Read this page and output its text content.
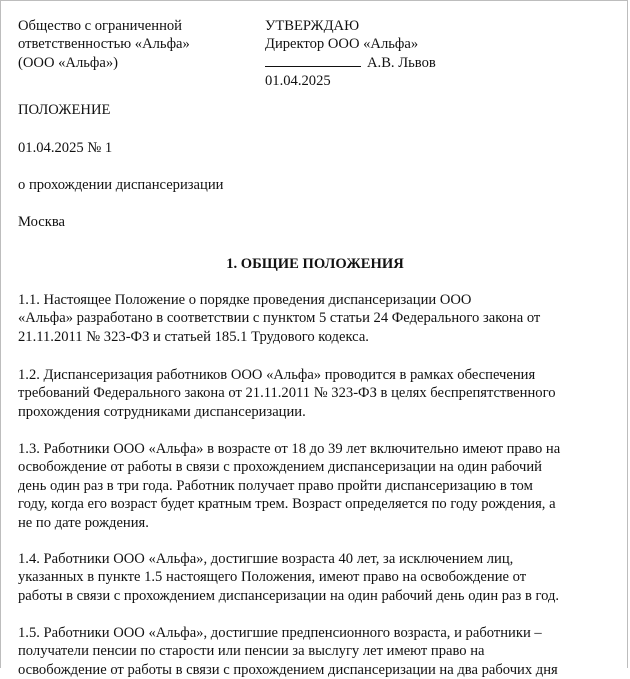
Общество с ограниченной
ответственностью «Альфа»
(ООО «Альфа»)
УТВЕРЖДАЮ
Директор ООО «Альфа»
А.В. Львов
01.04.2025
ПОЛОЖЕНИЕ
01.04.2025 № 1
о прохождении диспансеризации
Москва
1. ОБЩИЕ ПОЛОЖЕНИЯ
1.1. Настоящее Положение о порядке проведения диспансеризации ООО
«Альфа» разработано в соответствии с пунктом 5 статьи 24 Федерального закона от
21.11.2011 № 323-ФЗ и статьей 185.1 Трудового кодекса.
1.2. Диспансеризация работников ООО «Альфа» проводится в рамках обеспечения
требований Федерального закона от 21.11.2011 № 323-ФЗ в целях беспрепятственного
прохождения сотрудниками диспансеризации.
1.3. Работники ООО «Альфа» в возрасте от 18 до 39 лет включительно имеют право на
освобождение от работы в связи с прохождением диспансеризации на один рабочий
день один раз в три года. Работник получает право пройти диспансеризацию в том
году, когда его возраст будет кратным трем. Возраст определяется по году рождения, а
не по дате рождения.
1.4. Работники ООО «Альфа», достигшие возраста 40 лет, за исключением лиц,
указанных в пункте 1.5 настоящего Положения, имеют право на освобождение от
работы в связи с прохождением диспансеризации на один рабочий день один раз в год.
1.5. Работники ООО «Альфа», достигшие предпенсионного возраста, и работники –
получатели пенсии по старости или пенсии за выслугу лет имеют право на
освобождение от работы в связи с прохождением диспансеризации на два рабочих дня
